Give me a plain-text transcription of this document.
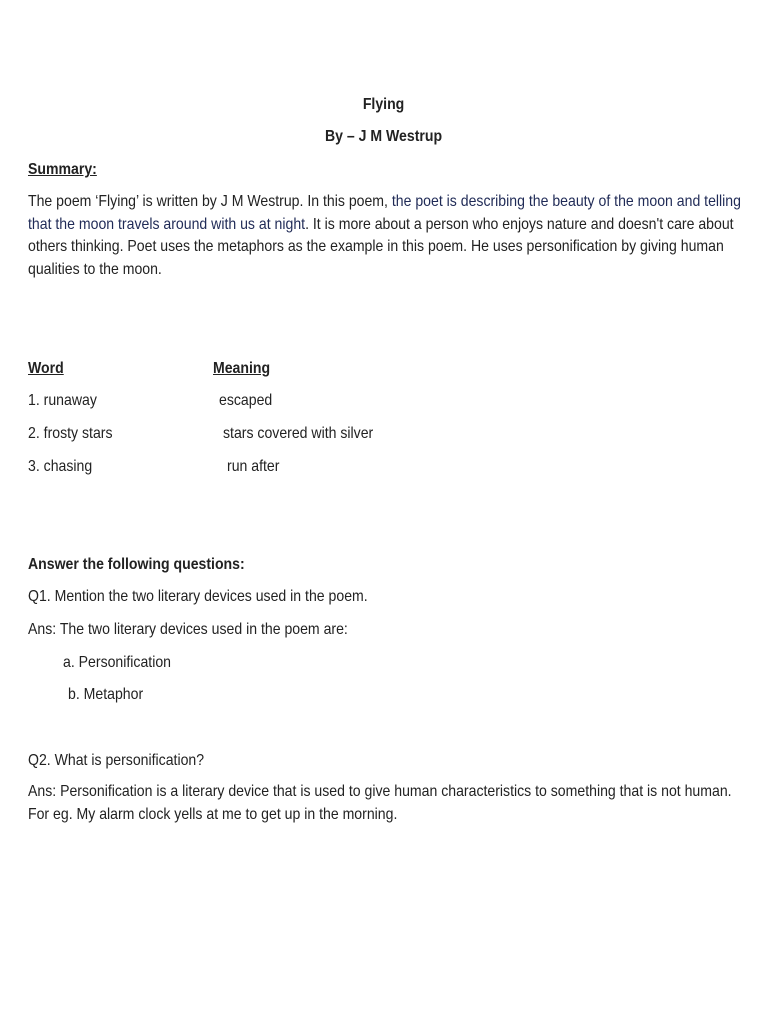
Flying
By – J M Westrup
Summary:
The poem ‘Flying’ is written by J M Westrup. In this poem, the poet is describing the beauty of the moon and telling that the moon travels around with us at night. It is more about a person who enjoys nature and doesn't care about others thinking. Poet uses the metaphors as the example in this poem. He uses personification by giving human qualities to the moon.
Word	Meaning
1. runaway	escaped
2. frosty stars	stars covered with silver
3. chasing	run after
Answer the following questions:
Q1. Mention the two literary devices used in the poem.
Ans: The two literary devices used in the poem are:
a. Personification
b. Metaphor
Q2. What is personification?
Ans: Personification is a literary device that is used to give human characteristics to something that is not human. For eg. My alarm clock yells at me to get up in the morning.
